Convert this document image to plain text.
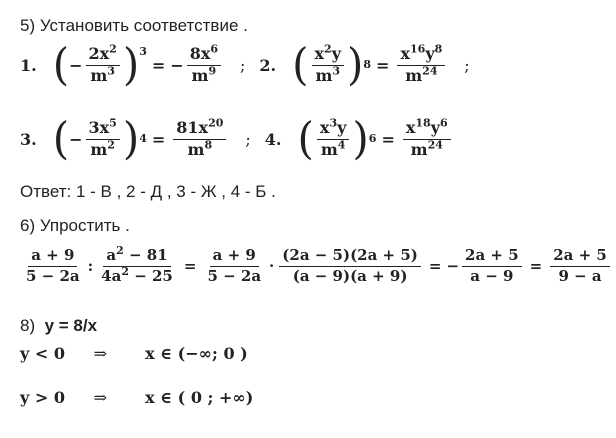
5) Установить соответствие .
1. ( − $\frac{2x^2}{m^3}$ ) 3
= − $\frac{8x^6}{m^9}$ ; 2. ( $\frac{x^2y}{m^3}$ ) $8 = \frac{x^{16}y^8}{m^{24}}$ ;
3. ( − $\frac{3x^5}{m^2}$ ) $4 = \frac{81x^{20}}{m^8}$ ; 4. ( $\frac{x^3y}{m^4}$ ) $6 = \frac{x^{18}y^6}{m^{24}}$
Ответ: 1 - В , 2 - Д , 3 - Ж , 4 - Б .
6) Упростить .
$\frac{a + 9}{5 - 2a}$ : $\frac{a^2 - 81}{4a^2 - 25} = \frac{a + 9}{5 - 2a} \cdot \frac{(2a - 5)(2a + 5)}{(a - 9)(a + 9)}$ = − $\frac{2a + 5}{a - 9} = \frac{2a + 5}{9 - a}$
8)  y = 8/x
y < 0 ⇒ x ∈ (−∞; 0 )
y > 0 ⇒ x ∈ ( 0 ; +∞)
